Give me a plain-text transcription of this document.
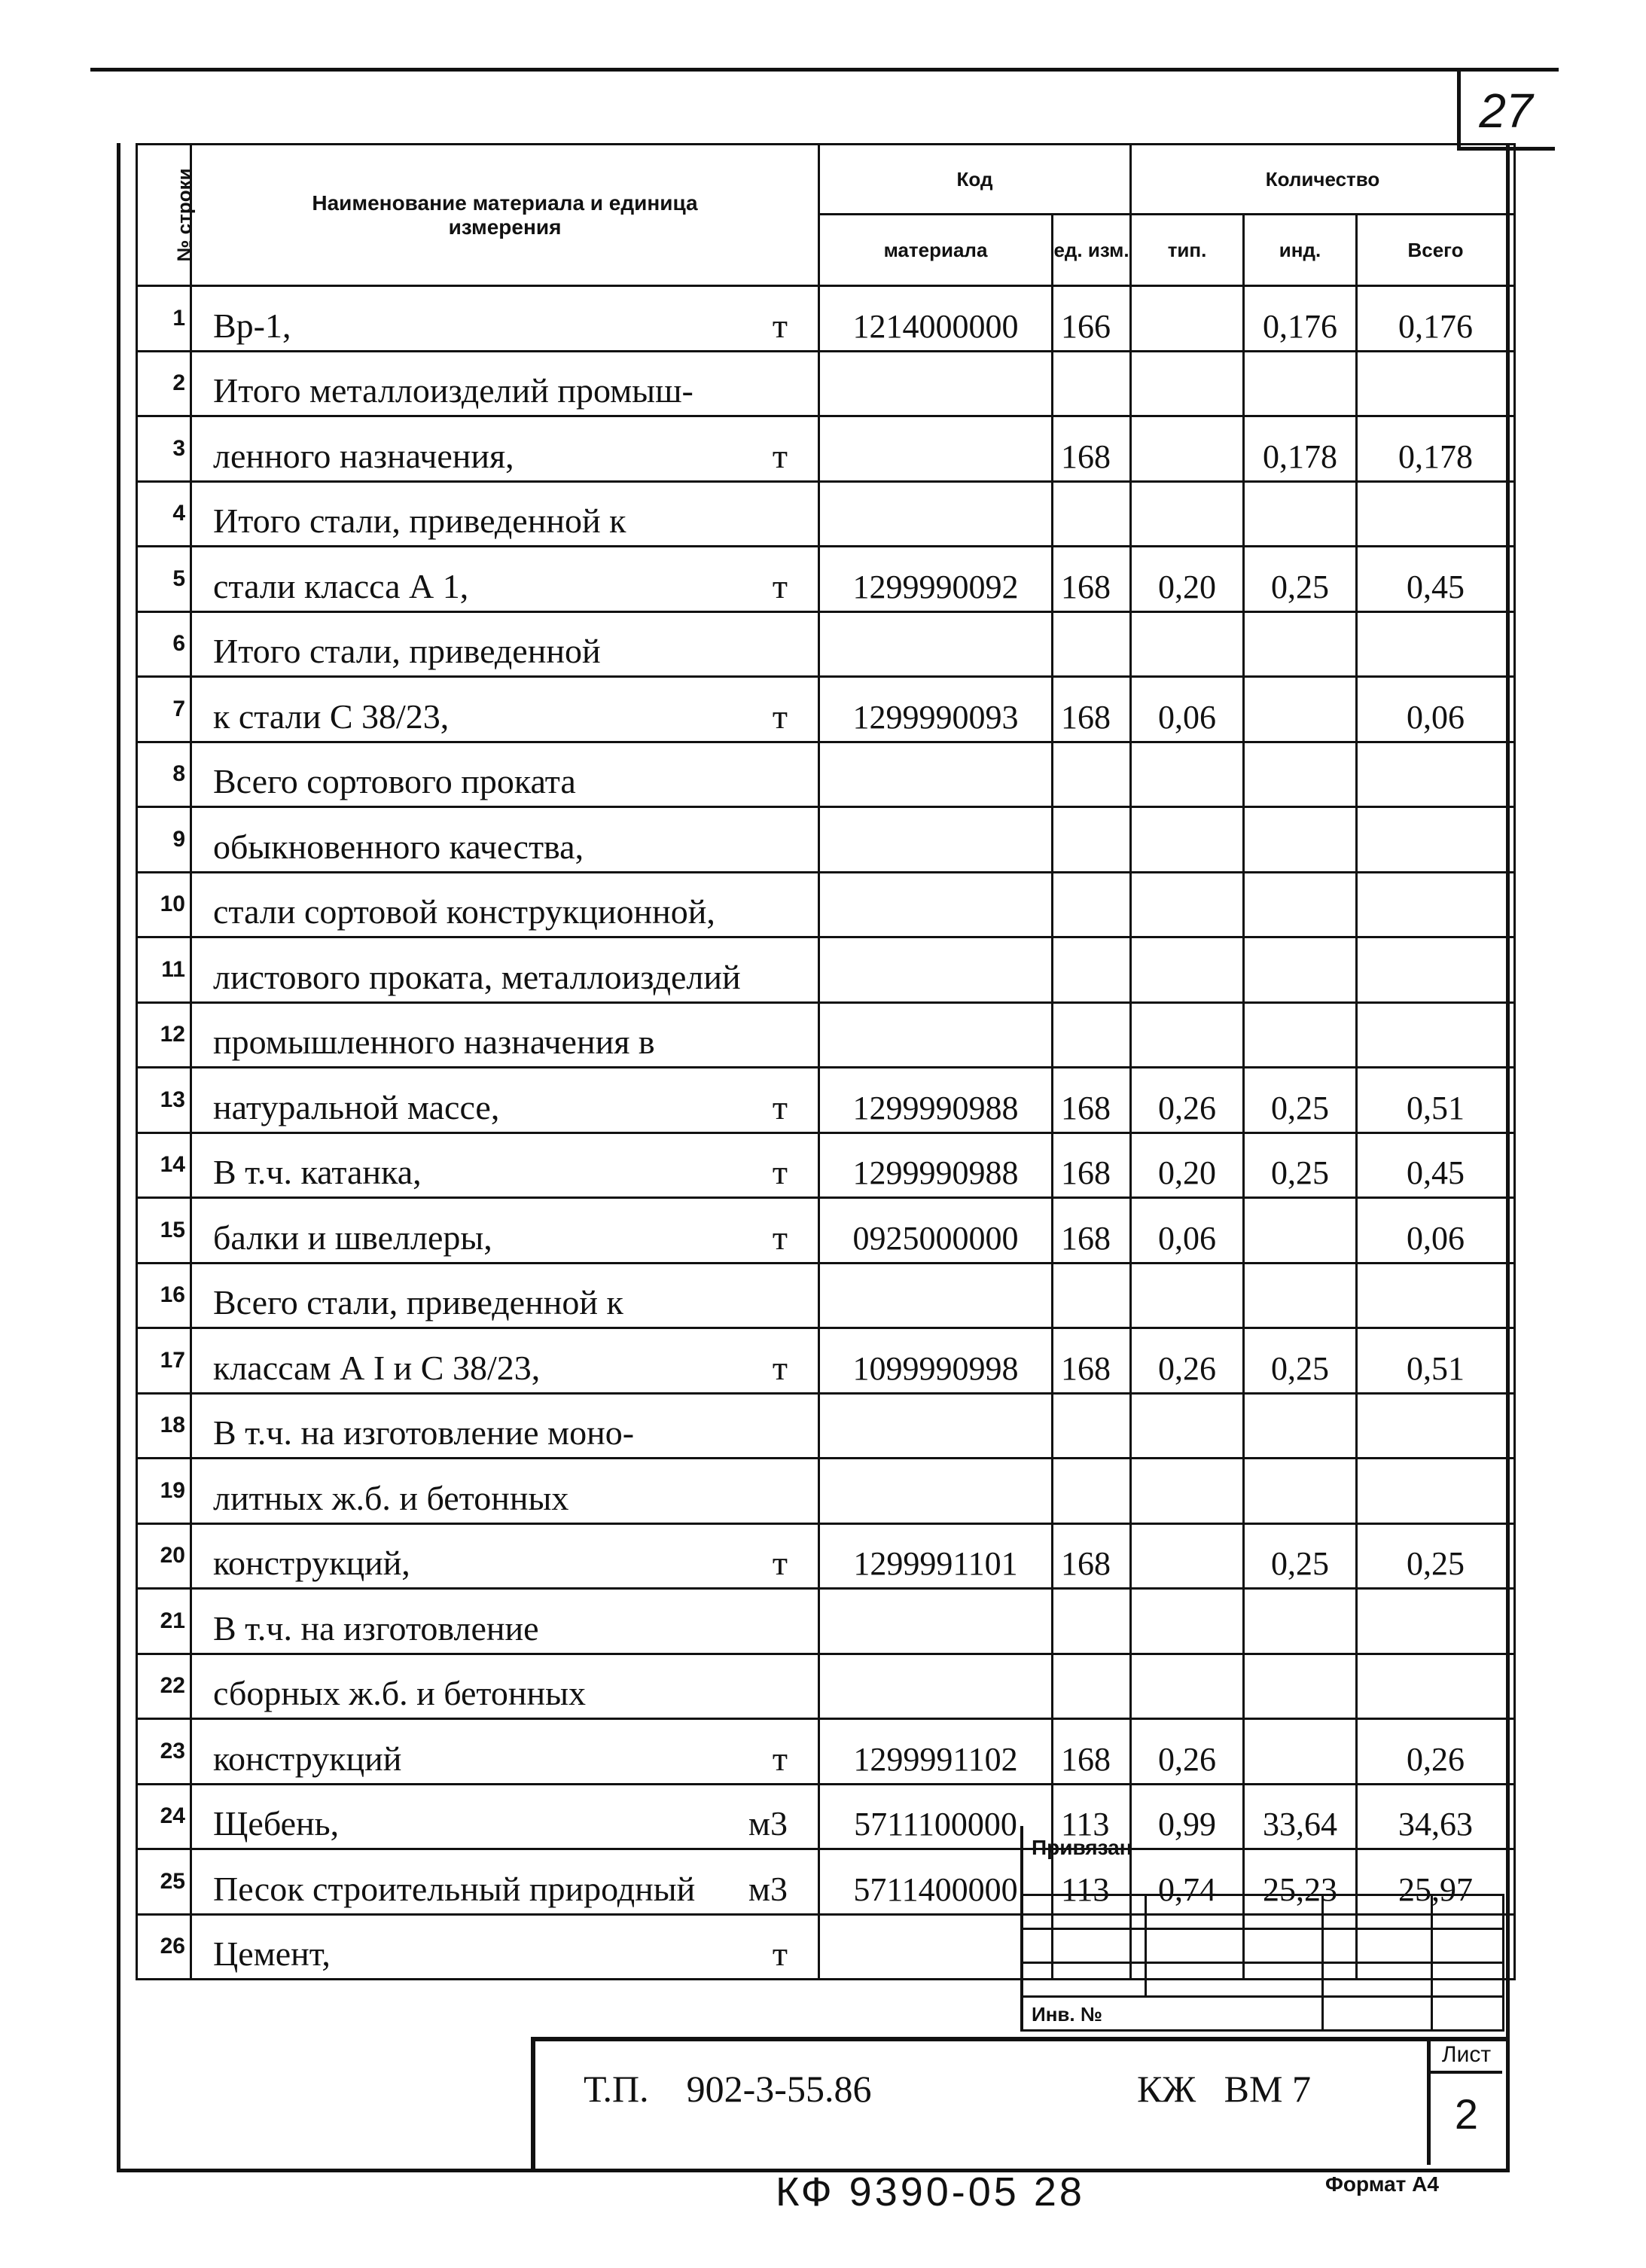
27
№ строки	Наименование материала и единица измерения	Код		Количество		
		материала	ед. изм.	тип.	инд.	Всего
1	Вр-1, т	1214000000	166		0,176	0,176
2	Итого металлоизделий промыш-

3	ленного назначения, т		168		0,178	0,178
4	Итого стали, приведенной к

5	стали класса А 1, т	1299990092	168	0,20	0,25	0,45
6	Итого стали, приведенной

7	к стали С 38/23, т	1299990093	168	0,06		0,06
8	Всего сортового проката

9	обыкновенного качества,

10	стали сортовой конструкционной,

11	листового проката, металлоизделий

12	промышленного назначения в

13	натуральной массе, т	1299990988	168	0,26	0,25	0,51
14	В т.ч. катанка, т	1299990988	168	0,20	0,25	0,45
15	балки и швеллеры, т	0925000000	168	0,06		0,06
16	Всего стали, приведенной к

17	классам А I и С 38/23, т	1099990998	168	0,26	0,25	0,51
18	В т.ч. на изготовление моно-

19	литных ж.б. и бетонных

20	конструкций, т	1299991101	168		0,25	0,25
21	В т.ч. на изготовление

22	сборных ж.б. и бетонных

23	конструкций т	1299991102	168	0,26		0,26
24	Щебень, м3	5711100000	113	0,99	33,64	34,63
25	Песок строительный природный м3	5711400000	113	0,74	25,23	25,97
26	Цемент, т					

Привязан

Инв. №
Т.П.    902-3-55.86	КЖ   ВМ 7
Лист
2
КФ 9390-05 28	Формат А4
